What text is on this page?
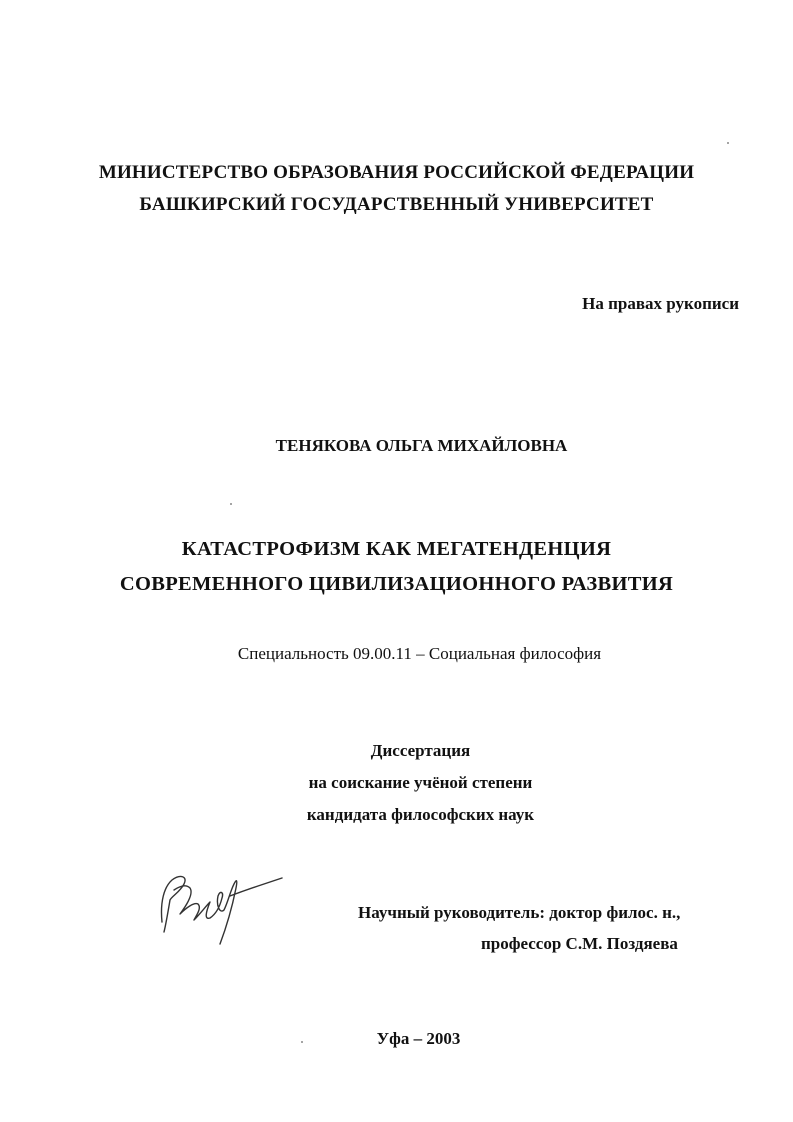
МИНИСТЕРСТВО ОБРАЗОВАНИЯ РОССИЙСКОЙ ФЕДЕРАЦИИ
БАШКИРСКИЙ ГОСУДАРСТВЕННЫЙ УНИВЕРСИТЕТ
На правах рукописи
ТЕНЯКОВА ОЛЬГА МИХАЙЛОВНА
КАТАСТРОФИЗМ КАК МЕГАТЕНДЕНЦИЯ
СОВРЕМЕННОГО ЦИВИЛИЗАЦИОННОГО РАЗВИТИЯ
Специальность 09.00.11 – Социальная философия
Диссертация
на соискание учёной степени
кандидата философских наук
Научный руководитель: доктор филос. н.,
профессор С.М. Поздяева
Уфа – 2003
